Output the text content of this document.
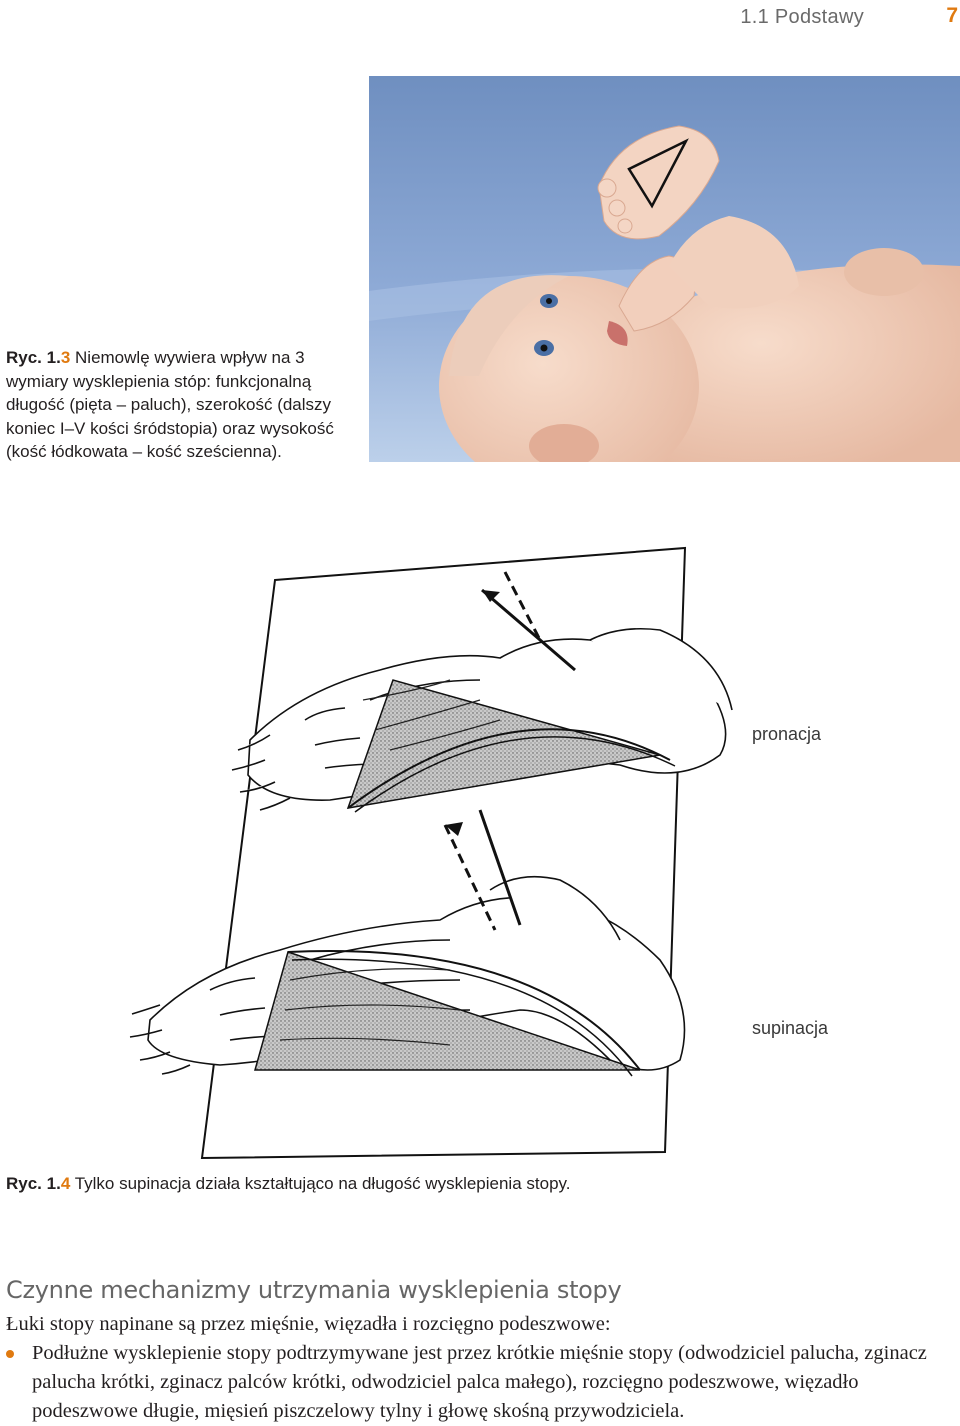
1.1 Podstawy	7
Ryc. 1.3 Niemowlę wywiera wpływ na 3 wymiary wysklepienia stóp: funkcjonalną długość (pięta – paluch), szerokość (dalszy koniec I–V kości śródstopia) oraz wysokość (kość łódkowata – kość sześcienna).
pronacja
supinacja
Ryc. 1.4 Tylko supinacja działa kształtująco na długość wysklepienia stopy.
Czynne mechanizmy utrzymania wysklepienia stopy

Łuki stopy napinane są przez mięśnie, więzadła i rozcięgno podeszwowe:

Podłużne wysklepienie stopy podtrzymywane jest przez krótkie mięśnie stopy (odwodziciel palucha, zginacz palucha krótki, zginacz palców krótki, odwodziciel palca małego), rozcięgno podeszwowe, więzadło podeszwowe długie, mięsień piszczelowy tylny i głowę skośną przywodziciela.
